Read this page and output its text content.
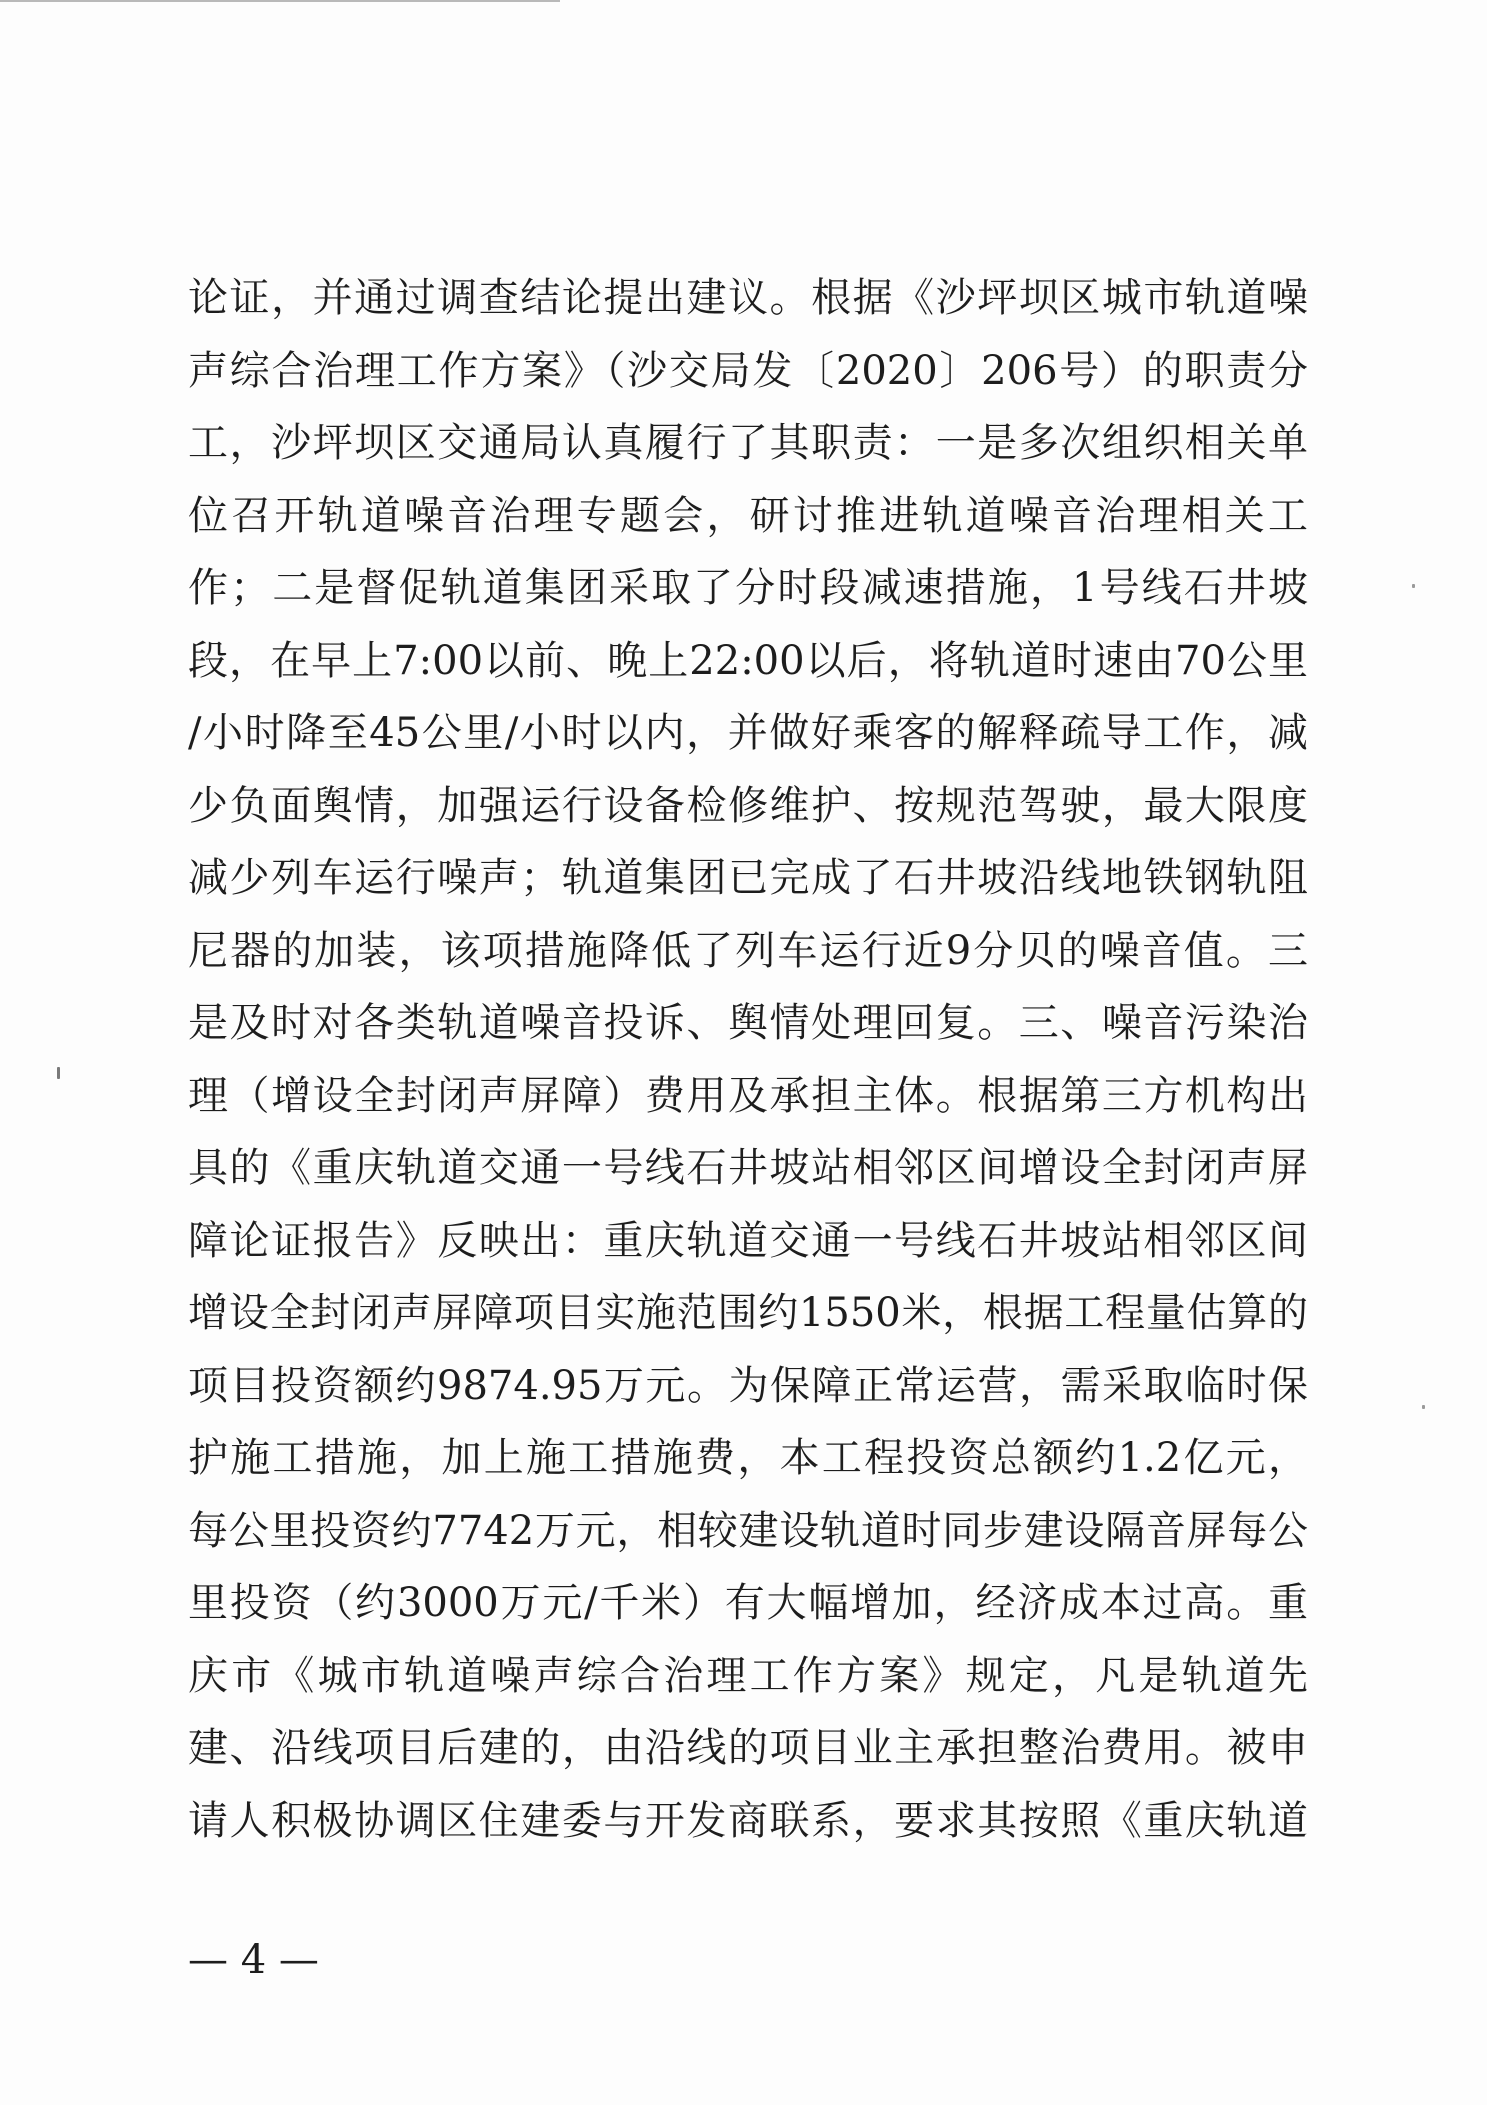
论证，并通过调查结论提出建议。根据《沙坪坝区城市轨道噪
声综合治理工作方案》（沙交局发〔2020〕206号）的职责分
工，沙坪坝区交通局认真履行了其职责：一是多次组织相关单
位召开轨道噪音治理专题会，研讨推进轨道噪音治理相关工
作；二是督促轨道集团采取了分时段减速措施，1号线石井坡
段，在早上7:00以前、晚上22:00以后，将轨道时速由70公里
/小时降至45公里/小时以内，并做好乘客的解释疏导工作，减
少负面舆情，加强运行设备检修维护、按规范驾驶，最大限度
减少列车运行噪声；轨道集团已完成了石井坡沿线地铁钢轨阻
尼器的加装，该项措施降低了列车运行近9分贝的噪音值。三
是及时对各类轨道噪音投诉、舆情处理回复。三、噪音污染治
理（增设全封闭声屏障）费用及承担主体。根据第三方机构出
具的《重庆轨道交通一号线石井坡站相邻区间增设全封闭声屏
障论证报告》反映出：重庆轨道交通一号线石井坡站相邻区间
增设全封闭声屏障项目实施范围约1550米，根据工程量估算的
项目投资额约9874.95万元。为保障正常运营，需采取临时保
护施工措施，加上施工措施费，本工程投资总额约1.2亿元，
每公里投资约7742万元，相较建设轨道时同步建设隔音屏每公
里投资（约3000万元/千米）有大幅增加，经济成本过高。重
庆市《城市轨道噪声综合治理工作方案》规定，凡是轨道先
建、沿线项目后建的，由沿线的项目业主承担整治费用。被申
请人积极协调区住建委与开发商联系，要求其按照《重庆轨道
— 4 —
